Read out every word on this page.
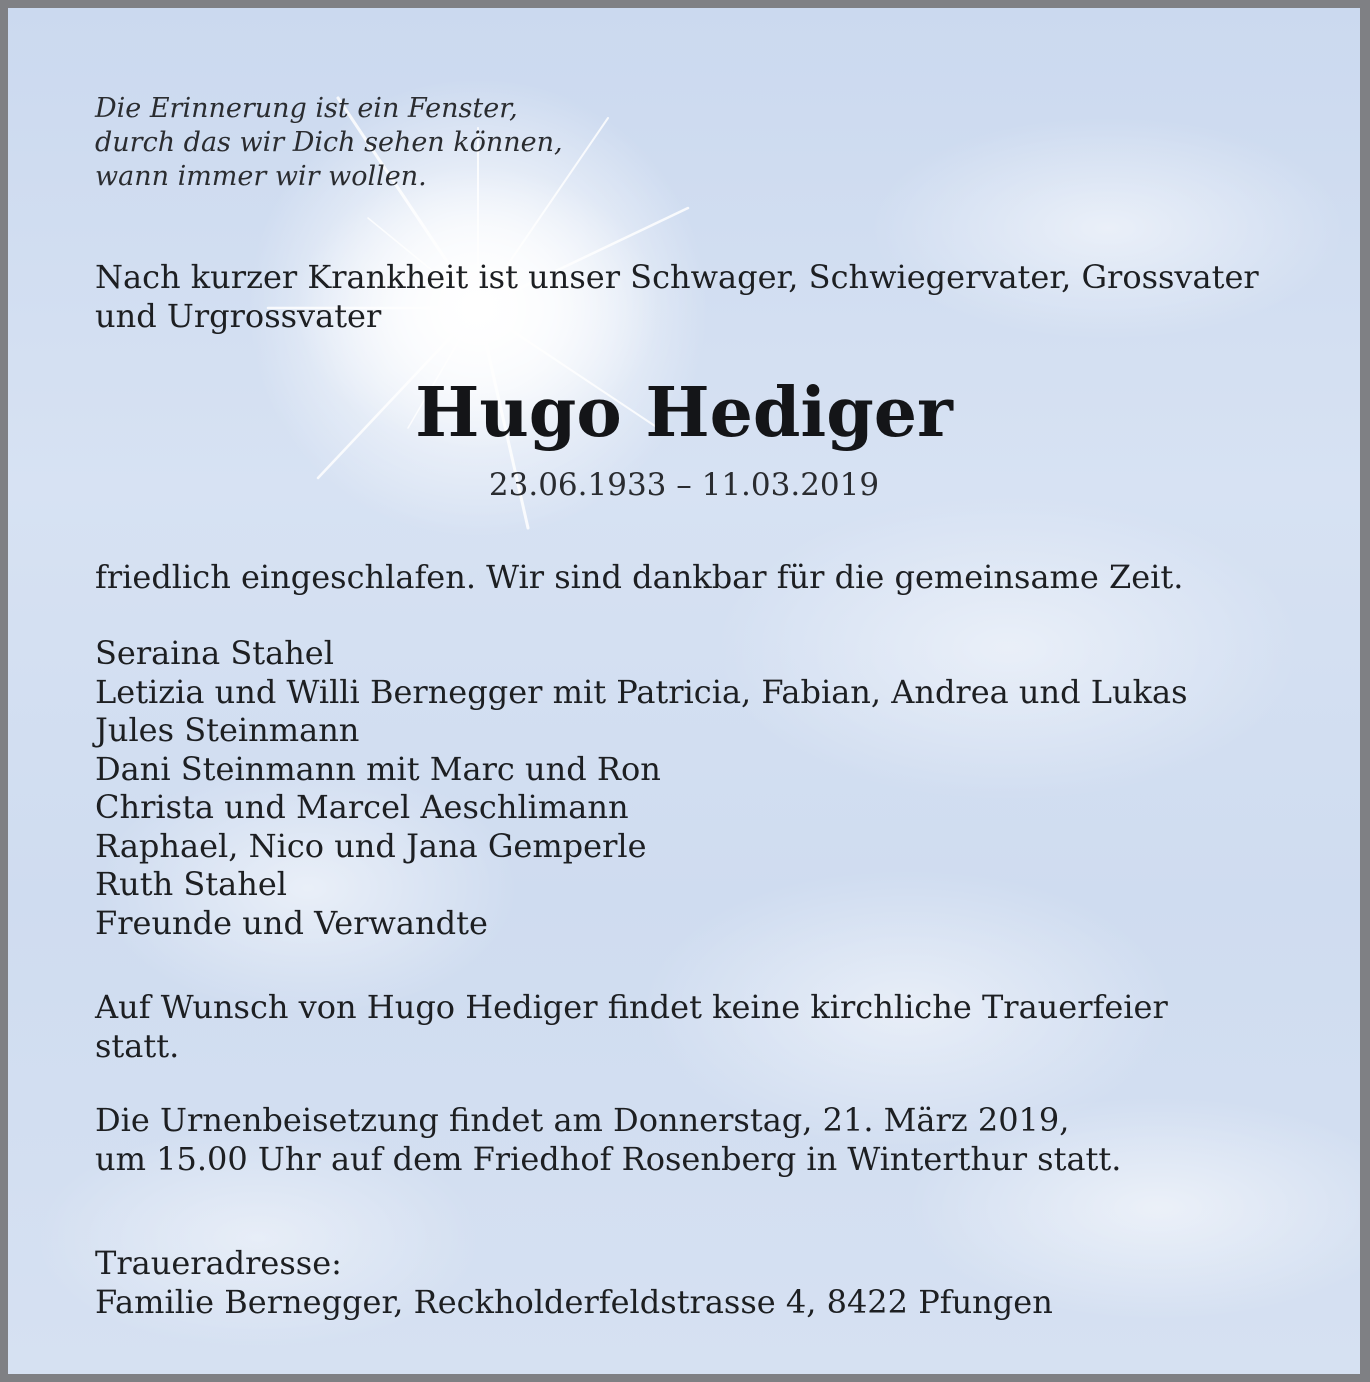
Die Erinnerung ist ein Fenster,
durch das wir Dich sehen können,
wann immer wir wollen.
Nach kurzer Krankheit ist unser Schwager, Schwiegervater, Grossvater
und Urgrossvater
Hugo Hediger
23.06.1933 – 11.03.2019
friedlich eingeschlafen. Wir sind dankbar für die gemeinsame Zeit.
Seraina Stahel
Letizia und Willi Bernegger mit Patricia, Fabian, Andrea und Lukas
Jules Steinmann
Dani Steinmann mit Marc und Ron
Christa und Marcel Aeschlimann
Raphael, Nico und Jana Gemperle
Ruth Stahel
Freunde und Verwandte
Auf Wunsch von Hugo Hediger findet keine kirchliche Trauerfeier
statt.
Die Urnenbeisetzung findet am Donnerstag, 21. März 2019,
um 15.00 Uhr auf dem Friedhof Rosenberg in Winterthur statt.
Traueradresse:
Familie Bernegger, Reckholderfeldstrasse 4, 8422 Pfungen
